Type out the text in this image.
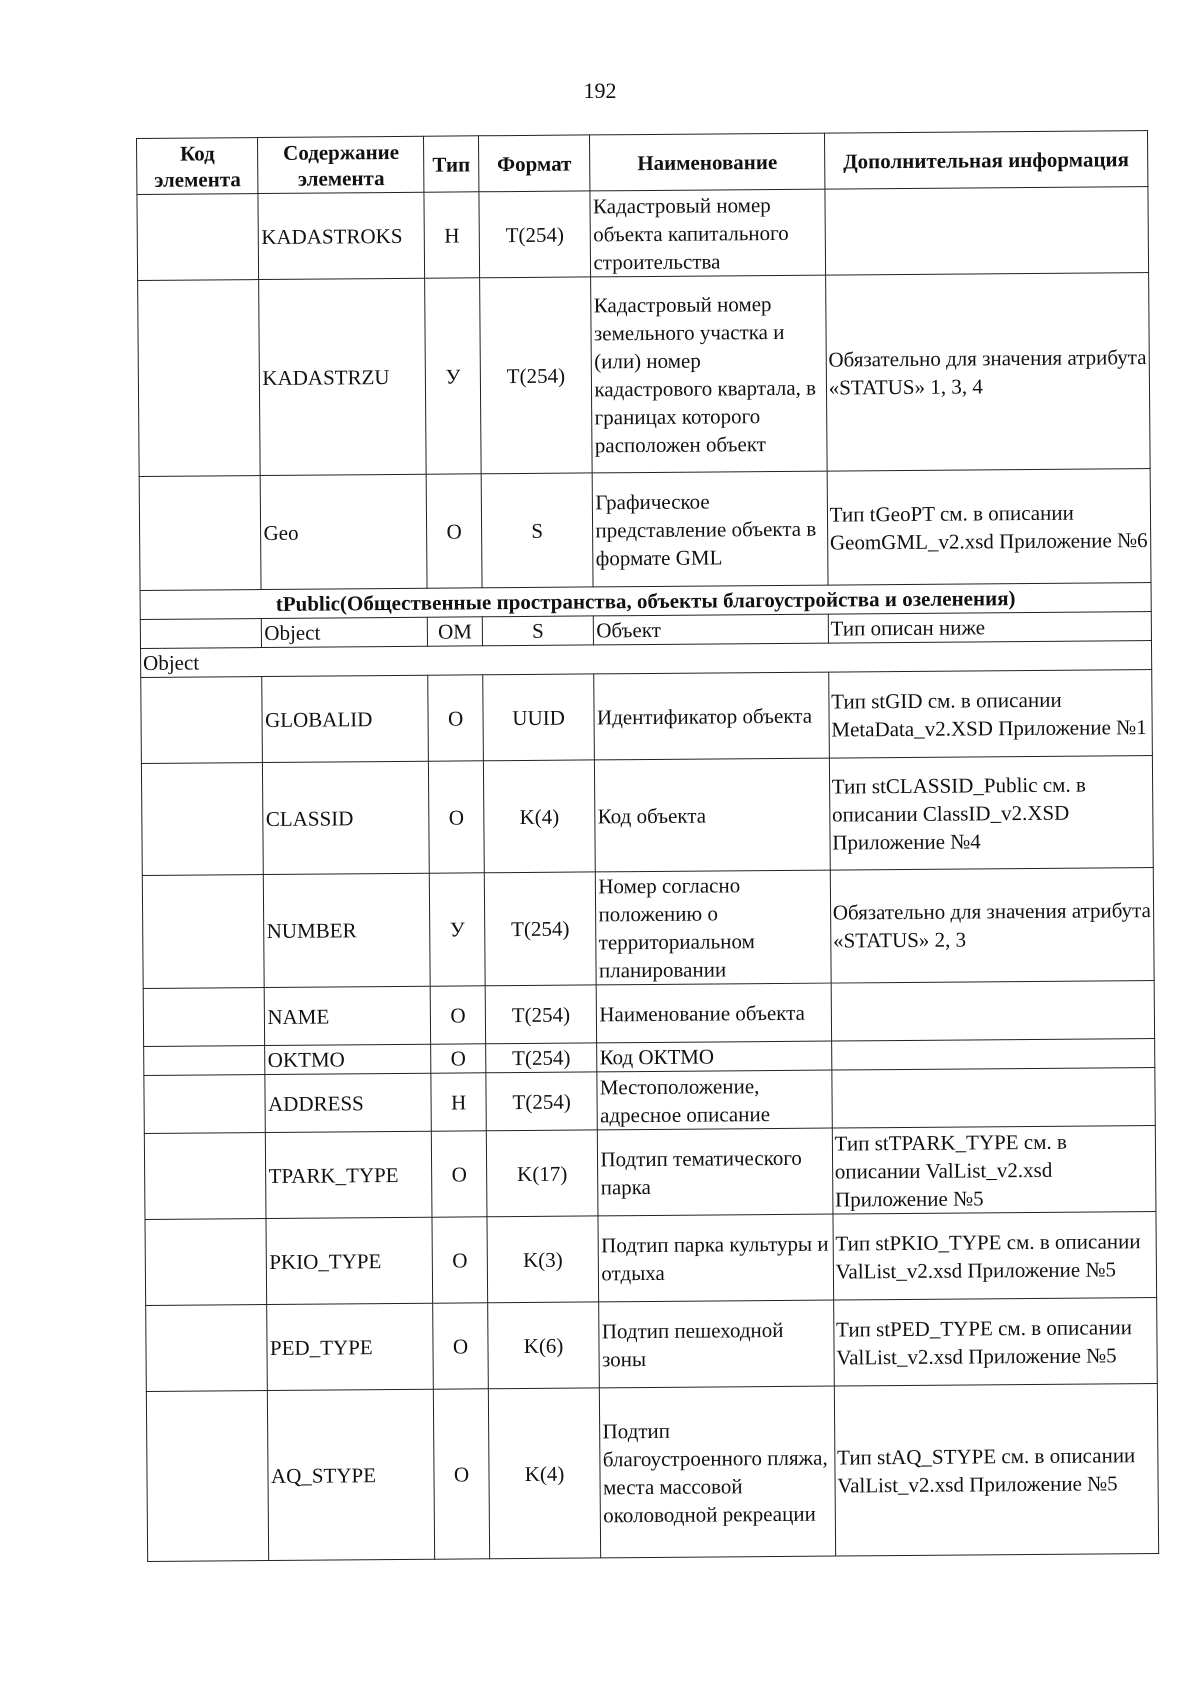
192
Код элемента	Содержание элемента	Тип	Формат	Наименование	Дополнительная информация
	KADASTROKS	Н	T(254)	Кадастровый номер объекта капитального строительства	
	KADASTRZU	У	T(254)	Кадастровый номер земельного участка и (или) номер кадастрового квартала, в границах которого расположен объект	Обязательно для значения атрибута «STATUS» 1, 3, 4
	Geo	О	S	Графическое представление объекта в формате GML	Тип tGeoPT см. в описании GeomGML_v2.xsd Приложение №6
tPublic(Общественные пространства, объекты благоустройства и озеленения)					
	Object	ОМ	S	Объект	Тип описан ниже
Object					
	GLOBALID	О	UUID	Идентификатор объекта	Тип stGID см. в описании MetaData_v2.XSD Приложение №1
	CLASSID	О	K(4)	Код объекта	Тип stCLASSID_Public см. в описании ClassID_v2.XSD Приложение №4
	NUMBER	У	T(254)	Номер согласно положению о территориальном планировании	Обязательно для значения атрибута «STATUS» 2, 3
	NAME	О	T(254)	Наименование объекта	
	OKTMO	О	T(254)	Код ОКТМО	
	ADDRESS	Н	T(254)	Местоположение, адресное описание	
	TPARK_TYPE	О	K(17)	Подтип тематического парка	Тип stTPARK_TYPE см. в описании ValList_v2.xsd Приложение №5
	PKIO_TYPE	О	K(3)	Подтип парка культуры и отдыха	Тип stPKIO_TYPE см. в описании ValList_v2.xsd Приложение №5
	PED_TYPE	О	K(6)	Подтип пешеходной зоны	Тип stPED_TYPE см. в описании ValList_v2.xsd Приложение №5
	AQ_STYPE	О	K(4)	Подтип благоустроенного пляжа, места массовой околоводной рекреации	Тип stAQ_STYPE см. в описании ValList_v2.xsd Приложение №5
